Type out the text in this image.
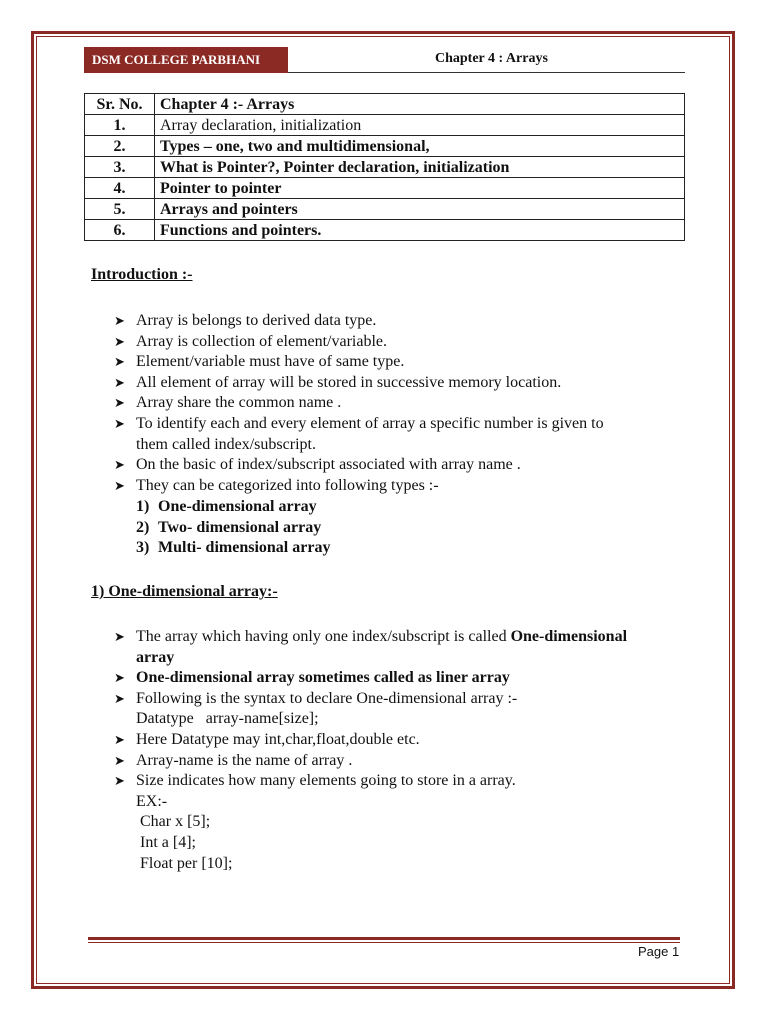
DSM COLLEGE PARBHANI	Chapter 4 : Arrays
Sr. No.	Chapter 4 :- Arrays
1.	Array declaration, initialization
2.	Types – one, two and multidimensional,
3.	What is Pointer?, Pointer declaration, initialization
4.	Pointer to pointer
5.	Arrays and pointers
6.	Functions and pointers.
Introduction :-
➤ Array is belongs to derived data type.
➤ Array is collection of element/variable.
➤ Element/variable must have of same type.
➤ All element of array will be stored in successive memory location.
➤ Array share the common name .
➤ To identify each and every element of array a specific number is given to
them called index/subscript.
➤ On the basic of index/subscript associated with array name .
➤ They can be categorized into following types :-
1) One-dimensional array
2) Two- dimensional array
3) Multi- dimensional array
1) One-dimensional array:-
➤ The array which having only one index/subscript is called One-dimensional
array
➤ One-dimensional array sometimes called as liner array
➤ Following is the syntax to declare One-dimensional array :-
Datatype   array-name[size];
➤ Here Datatype may int,char,float,double etc.
➤ Array-name is the name of array .
➤ Size indicates how many elements going to store in a array.
EX:-
Char x [5];
Int a [4];
Float per [10];
Page 1
